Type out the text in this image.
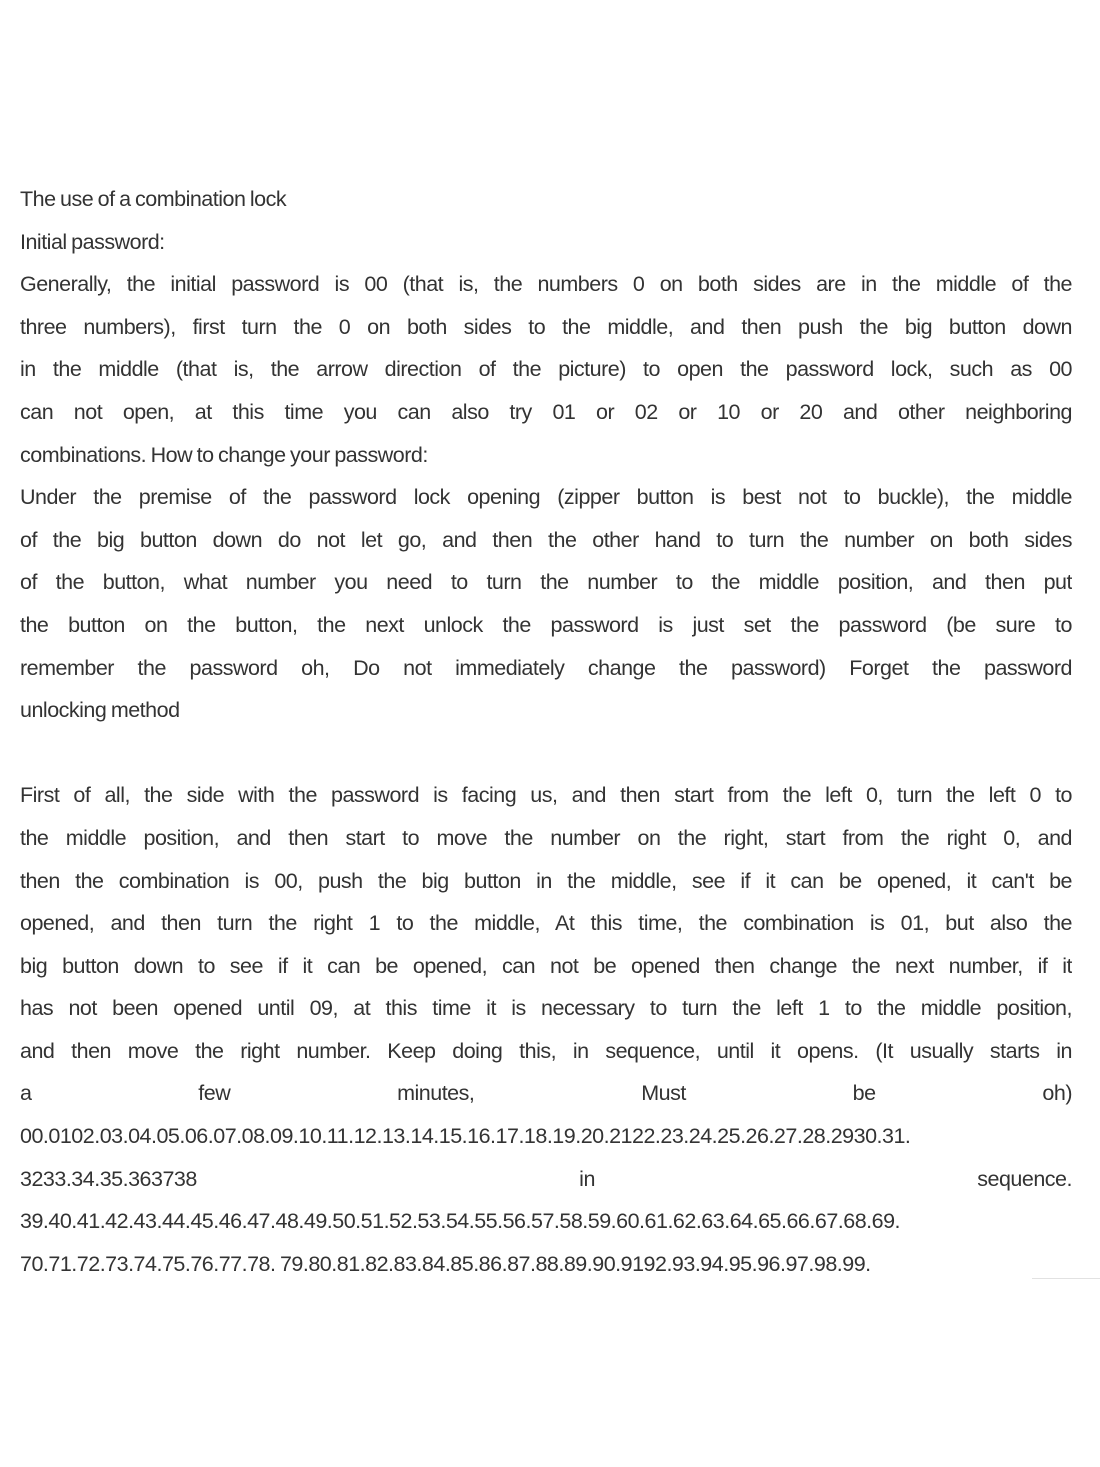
The use of a combination lock
Initial password:
Generally, the initial password is 00 (that is, the numbers 0 on both sides are in the middle of the
three numbers), first turn the 0 on both sides to the middle, and then push the big button down
in the middle (that is, the arrow direction of the picture) to open the password lock, such as 00
can not open, at this time you can also try 01 or 02 or 10 or 20 and other neighboring
combinations. How to change your password:
Under the premise of the password lock opening (zipper button is best not to buckle), the middle
of the big button down do not let go, and then the other hand to turn the number on both sides
of the button, what number you need to turn the number to the middle position, and then put
the button on the button, the next unlock the password is just set the password (be sure to
remember the password oh, Do not immediately change the password) Forget the password
unlocking method
First of all, the side with the password is facing us, and then start from the left 0, turn the left 0 to
the middle position, and then start to move the number on the right, start from the right 0, and
then the combination is 00, push the big button in the middle, see if it can be opened, it can't be
opened, and then turn the right 1 to the middle, At this time, the combination is 01, but also the
big button down to see if it can be opened, can not be opened then change the next number, if it
has not been opened until 09, at this time it is necessary to turn the left 1 to the middle position,
and then move the right number. Keep doing this, in sequence, until it opens. (It usually starts in
a few minutes, Must be oh)
00.0102.03.04.05.06.07.08.09.10.11.12.13.14.15.16.17.18.19.20.2122.23.24.25.26.27.28.2930.31.
3233.34.35.363738 in sequence.
39.40.41.42.43.44.45.46.47.48.49.50.51.52.53.54.55.56.57.58.59.60.61.62.63.64.65.66.67.68.69.
70.71.72.73.74.75.76.77.78. 79.80.81.82.83.84.85.86.87.88.89.90.9192.93.94.95.96.97.98.99.
